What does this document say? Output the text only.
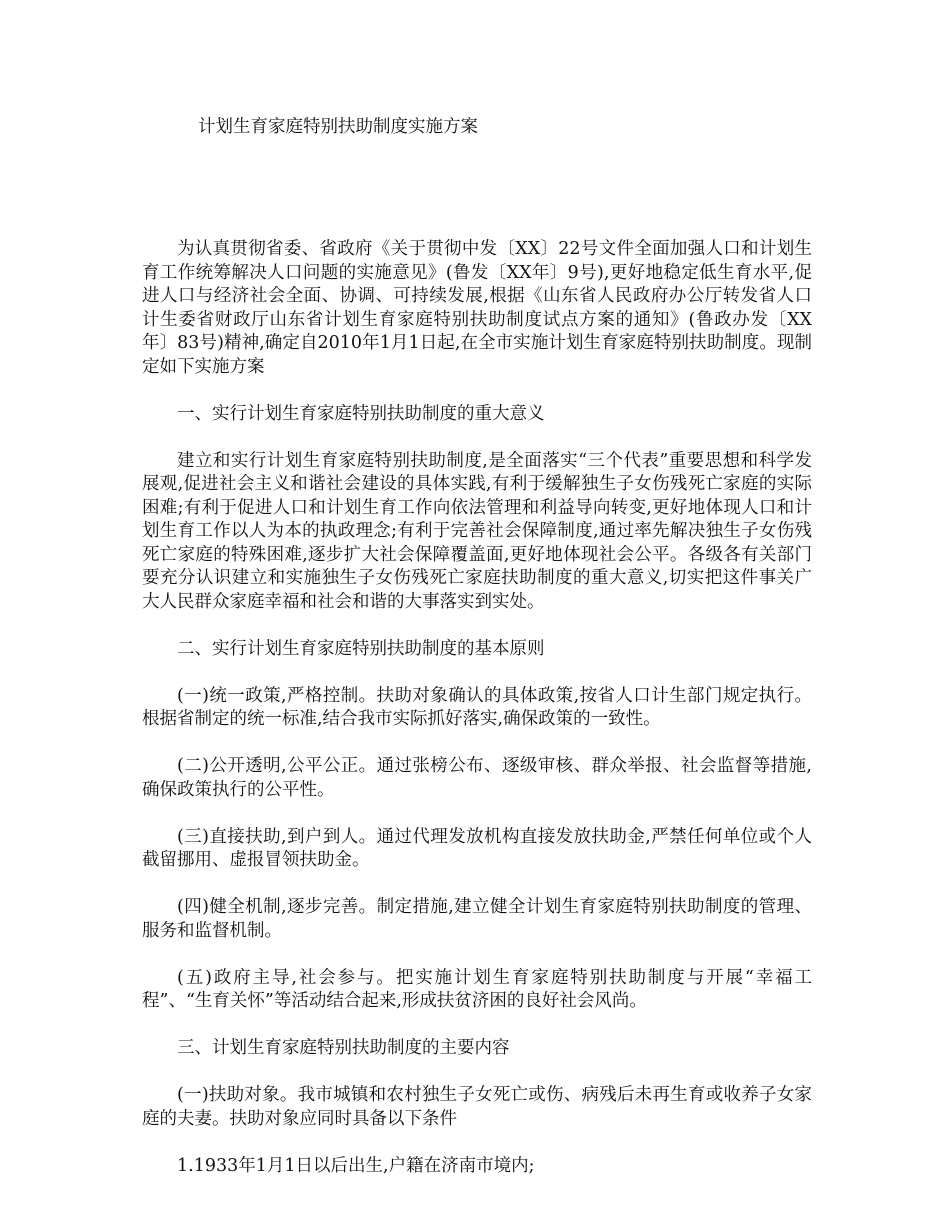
计划生育家庭特别扶助制度实施方案

为认真贯彻省委、省政府《关于贯彻中发〔XX〕22号文件全面加强人口和计划生育工作统筹解决人口问题的实施意见》(鲁发〔XX年〕9号),更好地稳定低生育水平,促进人口与经济社会全面、协调、可持续发展,根据《山东省人民政府办公厅转发省人口计生委省财政厅山东省计划生育家庭特别扶助制度试点方案的通知》(鲁政办发〔XX年〕83号)精神,确定自2010年1月1日起,在全市实施计划生育家庭特别扶助制度。现制定如下实施方案

一、实行计划生育家庭特别扶助制度的重大意义

建立和实行计划生育家庭特别扶助制度,是全面落实“三个代表”重要思想和科学发展观,促进社会主义和谐社会建设的具体实践,有利于缓解独生子女伤残死亡家庭的实际困难;有利于促进人口和计划生育工作向依法管理和利益导向转变,更好地体现人口和计划生育工作以人为本的执政理念;有利于完善社会保障制度,通过率先解决独生子女伤残死亡家庭的特殊困难,逐步扩大社会保障覆盖面,更好地体现社会公平。各级各有关部门要充分认识建立和实施独生子女伤残死亡家庭扶助制度的重大意义,切实把这件事关广大人民群众家庭幸福和社会和谐的大事落实到实处。

二、实行计划生育家庭特别扶助制度的基本原则

(一)统一政策,严格控制。扶助对象确认的具体政策,按省人口计生部门规定执行。根据省制定的统一标准,结合我市实际抓好落实,确保政策的一致性。

(二)公开透明,公平公正。通过张榜公布、逐级审核、群众举报、社会监督等措施,确保政策执行的公平性。

(三)直接扶助,到户到人。通过代理发放机构直接发放扶助金,严禁任何单位或个人截留挪用、虚报冒领扶助金。

(四)健全机制,逐步完善。制定措施,建立健全计划生育家庭特别扶助制度的管理、服务和监督机制。

(五)政府主导,社会参与。把实施计划生育家庭特别扶助制度与开展“幸福工程”、“生育关怀”等活动结合起来,形成扶贫济困的良好社会风尚。

三、计划生育家庭特别扶助制度的主要内容

(一)扶助对象。我市城镇和农村独生子女死亡或伤、病残后未再生育或收养子女家庭的夫妻。扶助对象应同时具备以下条件

1.1933年1月1日以后出生,户籍在济南市境内;
